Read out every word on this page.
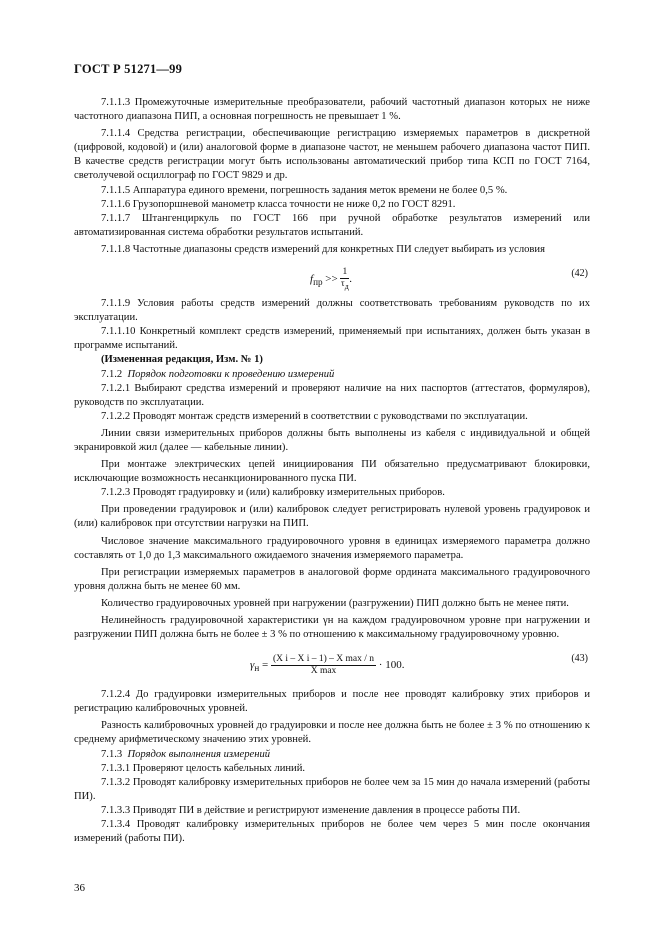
ГОСТ Р 51271—99

7.1.1.3 Промежуточные измерительные преобразователи, рабочий частотный диапазон которых не ниже частотного диапазона ПИП, а основная погрешность не превышает 1 %.

7.1.1.4 Средства регистрации, обеспечивающие регистрацию измеряемых параметров в дискретной (цифровой, кодовой) и (или) аналоговой форме в диапазоне частот, не меньшем рабочего диапазона частот ПИП. В качестве средств регистрации могут быть использованы автоматический прибор типа КСП по ГОСТ 7164, светолучевой осциллограф по ГОСТ 9829 и др.

7.1.1.5 Аппаратура единого времени, погрешность задания меток времени не более 0,5 %.

7.1.1.6 Грузопоршневой манометр класса точности не ниже 0,2 по ГОСТ 8291.

7.1.1.7 Штангенциркуль по ГОСТ 166 при ручной обработке результатов измерений или автоматизированная система обработки результатов испытаний.

7.1.1.8 Частотные диапазоны средств измерений для конкретных ПИ следует выбирать из условия

$f_{пр} >> \frac{1}{\tau_д}$ .	(42)

7.1.1.9 Условия работы средств измерений должны соответствовать требованиям руководств по их эксплуатации.

7.1.1.10 Конкретный комплект средств измерений, применяемый при испытаниях, должен быть указан в программе испытаний.

(Измененная редакция, Изм. № 1)

7.1.2 Порядок подготовки к проведению измерений

7.1.2.1 Выбирают средства измерений и проверяют наличие на них паспортов (аттестатов, формуляров), руководств по эксплуатации.

7.1.2.2 Проводят монтаж средств измерений в соответствии с руководствами по эксплуатации.

Линии связи измерительных приборов должны быть выполнены из кабеля с индивидуальной и общей экранировкой жил (далее — кабельные линии).

При монтаже электрических цепей инициирования ПИ обязательно предусматривают блокировки, исключающие возможность несанкционированного пуска ПИ.

7.1.2.3 Проводят градуировку и (или) калибровку измерительных приборов.

При проведении градуировок и (или) калибровок следует регистрировать нулевой уровень градуировок и (или) калибровок при отсутствии нагрузки на ПИП.

Числовое значение максимального градуировочного уровня в единицах измеряемого параметра должно составлять от 1,0 до 1,3 максимального ожидаемого значения измеряемого параметра.

При регистрации измеряемых параметров в аналоговой форме ордината максимального градуировочного уровня должна быть не менее 60 мм.

Количество градуировочных уровней при нагружении (разгружении) ПИП должно быть не менее пяти.

Нелинейность градуировочной характеристики γн на каждом градуировочном уровне при нагружении и разгружении ПИП должна быть не более ± 3 % по отношению к максимальному градуировочному уровню.

$\gamma_н = \frac{\text{(X i – X i – 1) – X max / n}}{\text{X max}} \cdot 100$.
(43)

7.1.2.4 До градуировки измерительных приборов и после нее проводят калибровку этих приборов и регистрацию калибровочных уровней.

Разность калибровочных уровней до градуировки и после нее должна быть не более ± 3 % по отношению к среднему арифметическому значению этих уровней.

7.1.3 Порядок выполнения измерений

7.1.3.1 Проверяют целость кабельных линий.

7.1.3.2 Проводят калибровку измерительных приборов не более чем за 15 мин до начала измерений (работы ПИ).

7.1.3.3 Приводят ПИ в действие и регистрируют изменение давления в процессе работы ПИ.

7.1.3.4 Проводят калибровку измерительных приборов не более чем через 5 мин после окончания измерений (работы ПИ).

36
